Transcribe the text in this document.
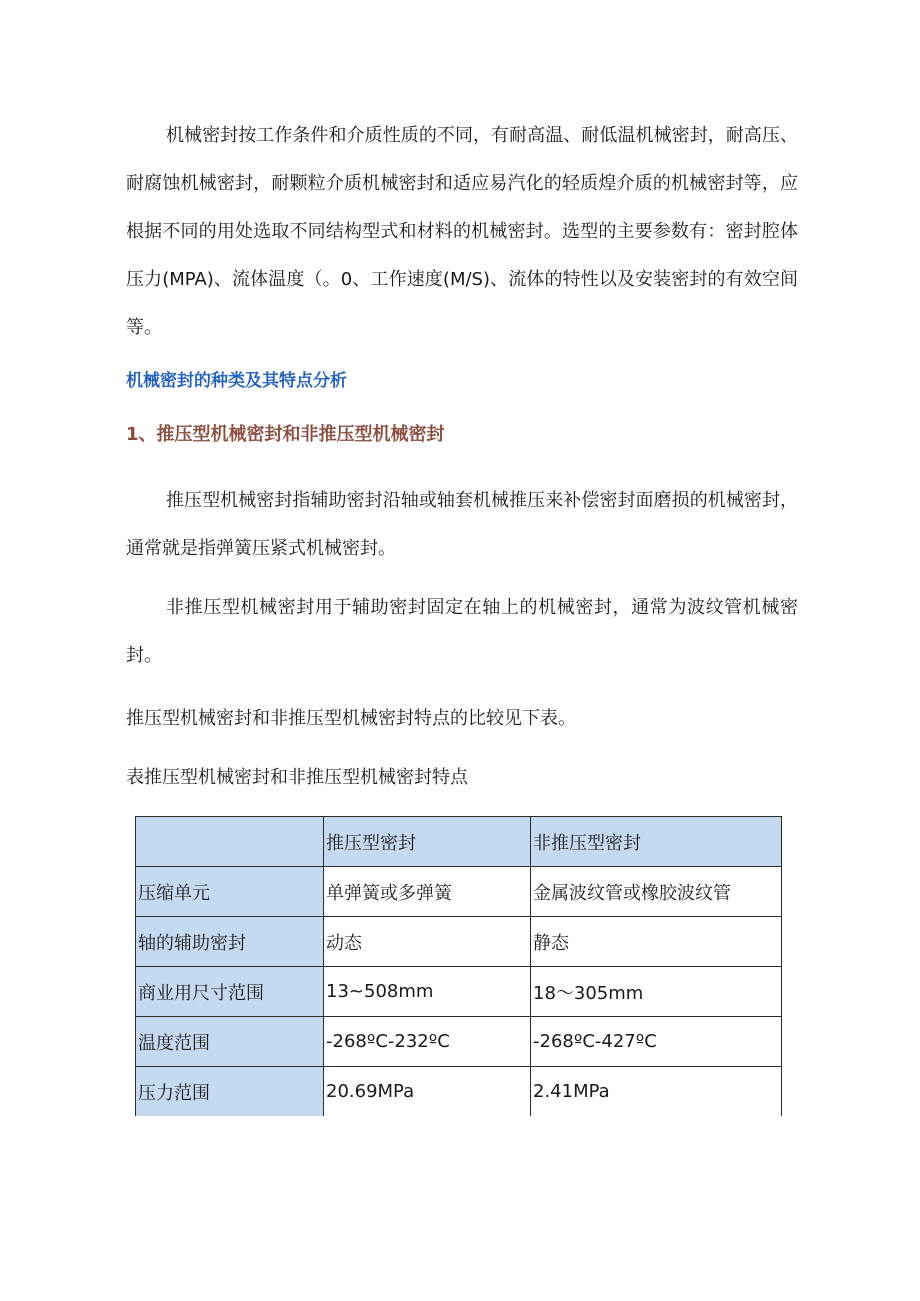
机械密封按工作条件和介质性质的不同，有耐高温、耐低温机械密封，耐高压、耐腐蚀机械密封，耐颗粒介质机械密封和适应易汽化的轻质煌介质的机械密封等，应根据不同的用处选取不同结构型式和材料的机械密封。选型的主要参数有：密封腔体压力(MPA)、流体温度（。0、工作速度(M/S)、流体的特性以及安装密封的有效空间等。

机械密封的种类及其特点分析

1、推压型机械密封和非推压型机械密封

推压型机械密封指辅助密封沿轴或轴套机械推压来补偿密封面磨损的机械密封，通常就是指弹簧压紧式机械密封。

非推压型机械密封用于辅助密封固定在轴上的机械密封，通常为波纹管机械密封。

推压型机械密封和非推压型机械密封特点的比较见下表。

表推压型机械密封和非推压型机械密封特点

	推压型密封	非推压型密封
压缩单元	单弹簧或多弹簧	金属波纹管或橡胶波纹管
轴的辅助密封	动态	静态
商业用尺寸范围	13~508mm	18～305mm
温度范围	-268ºC-232ºC	-268ºC-427ºC
压力范围	20.69MPa	2.41MPa
